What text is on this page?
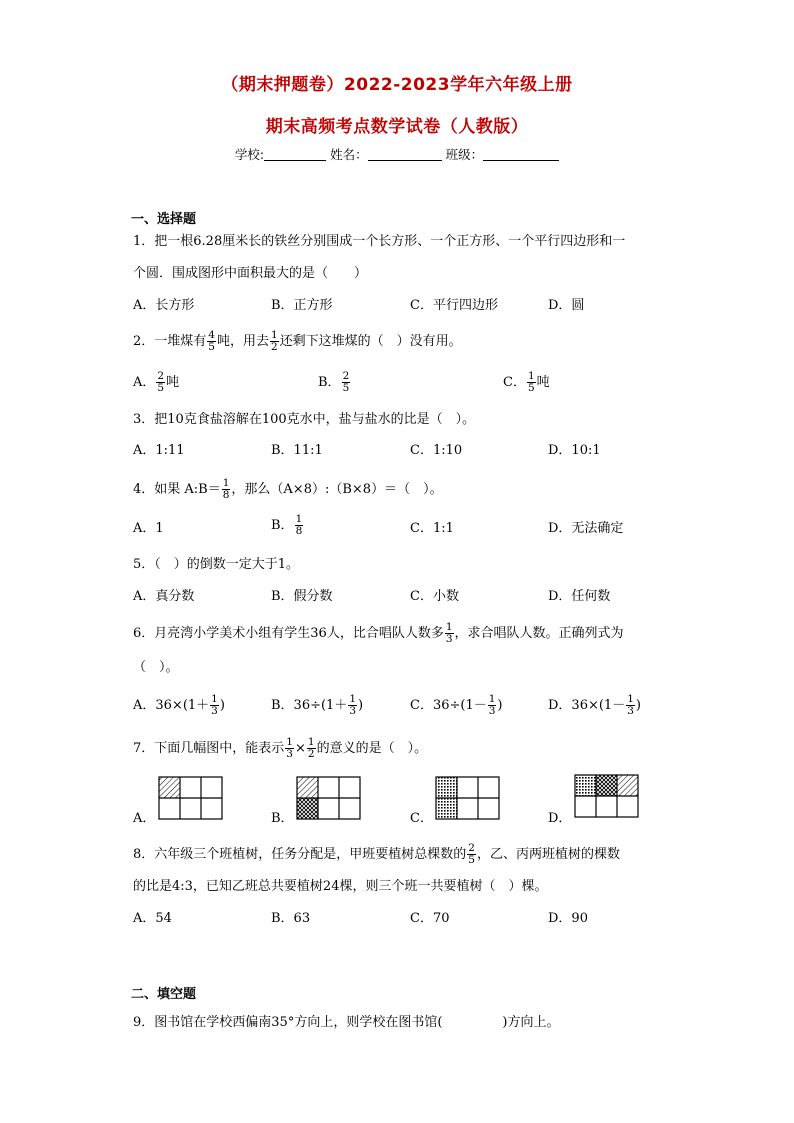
（期末押题卷）2022-2023学年六年级上册
期末高频考点数学试卷（人教版）
学校:	姓名：	班级：
一、选择题
1．把一根6.28厘米长的铁丝分别围成一个长方形、一个正方形、一个平行四边形和一
个圆．围成图形中面积最大的是（　　）
A．长方形	B．正方形	C．平行四边形	D．圆
2．一堆煤有 $\frac{4}{5}$ 吨，用去 $\frac{1}{2}$ 还剩下这堆煤的（　）没有用。
A． $\frac{2}{5}$ 吨	B． $\frac{2}{5}$	C． $\frac{1}{5}$ 吨
3．把10克食盐溶解在100克水中，盐与盐水的比是（　）。
A．1:11	B．11:1	C．1:10	D．10:1
4．如果 A:B＝ $\frac{1}{8}$ ，那么（A×8）:（B×8）＝（　）。
A．1	B． $\frac{1}{8}$	C．1:1	D．无法确定
5．（　）的倒数一定大于1。
A．真分数	B．假分数	C．小数	D．任何数
6．月亮湾小学美术小组有学生36人，比合唱队人数多 $\frac{1}{3}$ ，求合唱队人数。正确列式为
（　）。
A．$36\times(1+ \frac{1}{3}$ )	B．$36\div(1+ \frac{1}{3}$ )	C．$36\div(1- \frac{1}{3}$ )	D．$36\times(1- \frac{1}{3}$ )
7．下面几幅图中，能表示 $\frac{1}{3} \times \frac{1}{2}$ 的意义的是（　）。
A．	B．	C．	D．
8．六年级三个班植树，任务分配是，甲班要植树总棵数的 $\frac{2}{5}$ ，乙、丙两班植树的棵数
的比是4:3，已知乙班总共要植树24棵，则三个班一共要植树（　）棵。
A．54	B．63	C．70	D．90
二、填空题
9．图书馆在学校西偏南35°方向上，则学校在图书馆(	)方向上。
